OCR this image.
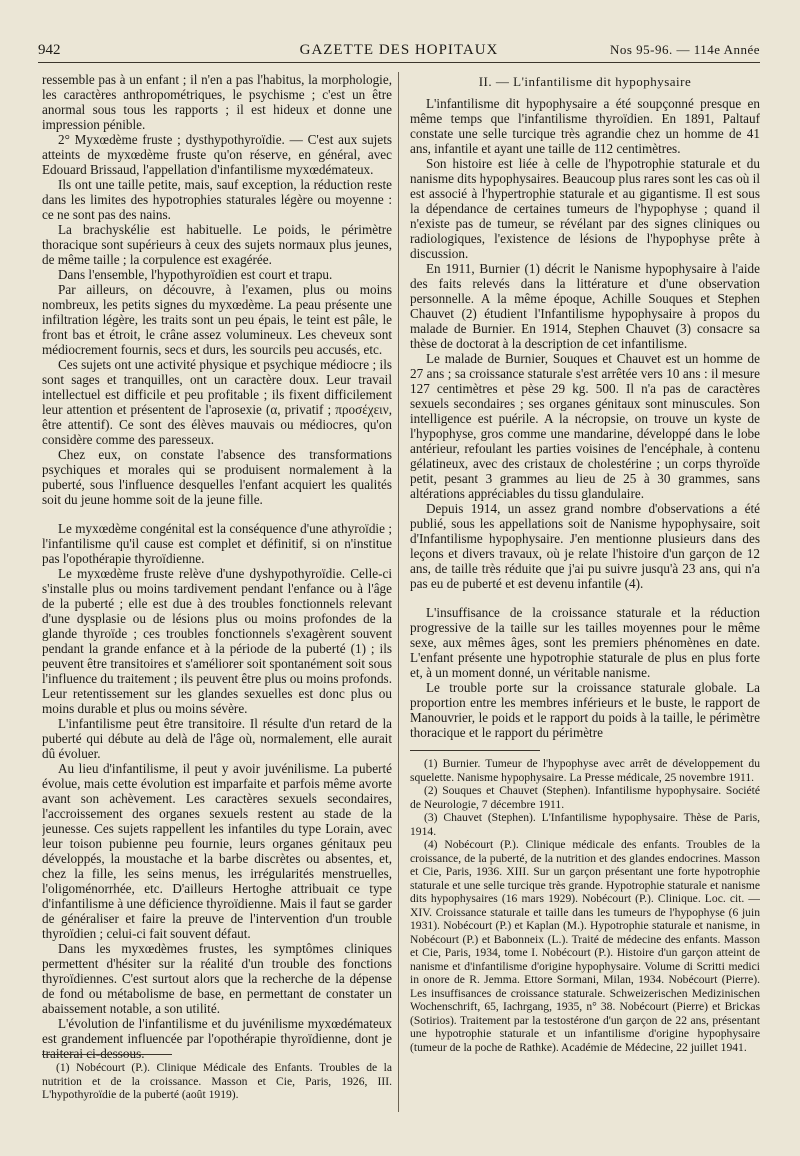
942	GAZETTE DES HOPITAUX	Nos 95-96. — 114e Année

ressemble pas à un enfant ; il n'en a pas l'habitus, la morphologie, les caractères anthropométriques, le psychisme ; c'est un être anormal sous tous les rapports ; il est hideux et donne une impression pénible.

2° Myxœdème fruste ; dysthypothyroïdie. — C'est aux sujets atteints de myxœdème fruste qu'on réserve, en général, avec Edouard Brissaud, l'appellation d'infantilisme myxœdémateux.

Ils ont une taille petite, mais, sauf exception, la réduction reste dans les limites des hypotrophies staturales légère ou moyenne : ce ne sont pas des nains.

La brachyskélie est habituelle. Le poids, le périmètre thoracique sont supérieurs à ceux des sujets normaux plus jeunes, de même taille ; la corpulence est exagérée.

Dans l'ensemble, l'hypothyroïdien est court et trapu.

Par ailleurs, on découvre, à l'examen, plus ou moins nombreux, les petits signes du myxœdème. La peau présente une infiltration légère, les traits sont un peu épais, le teint est pâle, le front bas et étroit, le crâne assez volumineux. Les cheveux sont médiocrement fournis, secs et durs, les sourcils peu accusés, etc.

Ces sujets ont une activité physique et psychique médiocre ; ils sont sages et tranquilles, ont un caractère doux. Leur travail intellectuel est difficile et peu profitable ; ils fixent difficilement leur attention et présentent de l'aprosexie (α, privatif ; προσέχειν, être attentif). Ce sont des élèves mauvais ou médiocres, qu'on considère comme des paresseux.

Chez eux, on constate l'absence des transformations psychiques et morales qui se produisent normalement à la puberté, sous l'influence desquelles l'enfant acquiert les qualités soit du jeune homme soit de la jeune fille.

Le myxœdème congénital est la conséquence d'une athyroïdie ; l'infantilisme qu'il cause est complet et définitif, si on n'institue pas l'opothérapie thyroïdienne.

Le myxœdème fruste relève d'une dyshypothyroïdie. Celle-ci s'installe plus ou moins tardivement pendant l'enfance ou à l'âge de la puberté ; elle est due à des troubles fonctionnels relevant d'une dysplasie ou de lésions plus ou moins profondes de la glande thyroïde ; ces troubles fonctionnels s'exagèrent souvent pendant la grande enfance et à la période de la puberté (1) ; ils peuvent être transitoires et s'améliorer soit spontanément soit sous l'influence du traitement ; ils peuvent être plus ou moins profonds. Leur retentissement sur les glandes sexuelles est donc plus ou moins durable et plus ou moins sévère.

L'infantilisme peut être transitoire. Il résulte d'un retard de la puberté qui débute au delà de l'âge où, normalement, elle aurait dû évoluer.

Au lieu d'infantilisme, il peut y avoir juvénilisme. La puberté évolue, mais cette évolution est imparfaite et parfois même avorte avant son achèvement. Les caractères sexuels secondaires, l'accroissement des organes sexuels restent au stade de la jeunesse. Ces sujets rappellent les infantiles du type Lorain, avec leur toison pubienne peu fournie, leurs organes génitaux peu développés, la moustache et la barbe discrètes ou absentes, et, chez la fille, les seins menus, les irrégularités menstruelles, l'oligoménorrhée, etc. D'ailleurs Hertoghe attribuait ce type d'infantilisme à une déficience thyroïdienne. Mais il faut se garder de généraliser et faire la preuve de l'intervention d'un trouble thyroïdien ; celui-ci fait souvent défaut.

Dans les myxœdèmes frustes, les symptômes cliniques permettent d'hésiter sur la réalité d'un trouble des fonctions thyroïdiennes. C'est surtout alors que la recherche de la dépense de fond ou métabolisme de base, en permettant de constater un abaissement notable, a son utilité.

L'évolution de l'infantilisme et du juvénilisme myxœdémateux est grandement influencée par l'opothérapie thyroïdienne, dont je traiterai ci-dessous.

(1) Nobécourt (P.). Clinique Médicale des Enfants. Troubles de la nutrition et de la croissance. Masson et Cie, Paris, 1926, III. L'hypothyroïdie de la puberté (août 1919).

II. — L'infantilisme dit hypophysaire

L'infantilisme dit hypophysaire a été soupçonné presque en même temps que l'infantilisme thyroïdien. En 1891, Paltauf constate une selle turcique très agrandie chez un homme de 41 ans, infantile et ayant une taille de 112 centimètres.

Son histoire est liée à celle de l'hypotrophie staturale et du nanisme dits hypophysaires. Beaucoup plus rares sont les cas où il est associé à l'hypertrophie staturale et au gigantisme. Il est sous la dépendance de certaines tumeurs de l'hypophyse ; quand il n'existe pas de tumeur, se révélant par des signes cliniques ou radiologiques, l'existence de lésions de l'hypophyse prête à discussion.

En 1911, Burnier (1) décrit le Nanisme hypophysaire à l'aide des faits relevés dans la littérature et d'une observation personnelle. A la même époque, Achille Souques et Stephen Chauvet (2) étudient l'Infantilisme hypophysaire à propos du malade de Burnier. En 1914, Stephen Chauvet (3) consacre sa thèse de doctorat à la description de cet infantilisme.

Le malade de Burnier, Souques et Chauvet est un homme de 27 ans ; sa croissance staturale s'est arrêtée vers 10 ans : il mesure 127 centimètres et pèse 29 kg. 500. Il n'a pas de caractères sexuels secondaires ; ses organes génitaux sont minuscules. Son intelligence est puérile. A la nécropsie, on trouve un kyste de l'hypophyse, gros comme une mandarine, développé dans le lobe antérieur, refoulant les parties voisines de l'encéphale, à contenu gélatineux, avec des cristaux de cholestérine ; un corps thyroïde petit, pesant 3 grammes au lieu de 25 à 30 grammes, sans altérations appréciables du tissu glandulaire.

Depuis 1914, un assez grand nombre d'observations a été publié, sous les appellations soit de Nanisme hypophysaire, soit d'Infantilisme hypophysaire. J'en mentionne plusieurs dans des leçons et divers travaux, où je relate l'histoire d'un garçon de 12 ans, de taille très réduite que j'ai pu suivre jusqu'à 23 ans, qui n'a pas eu de puberté et est devenu infantile (4).

L'insuffisance de la croissance staturale et la réduction progressive de la taille sur les tailles moyennes pour le même sexe, aux mêmes âges, sont les premiers phénomènes en date. L'enfant présente une hypotrophie staturale de plus en plus forte et, à un moment donné, un véritable nanisme.

Le trouble porte sur la croissance staturale globale. La proportion entre les membres inférieurs et le buste, le rapport de Manouvrier, le poids et le rapport du poids à la taille, le périmètre thoracique et le rapport du périmètre

(1) Burnier. Tumeur de l'hypophyse avec arrêt de développement du squelette. Nanisme hypophysaire. La Presse médicale, 25 novembre 1911.

(2) Souques et Chauvet (Stephen). Infantilisme hypophysaire. Société de Neurologie, 7 décembre 1911.

(3) Chauvet (Stephen). L'Infantilisme hypophysaire. Thèse de Paris, 1914.

(4) Nobécourt (P.). Clinique médicale des enfants. Troubles de la croissance, de la puberté, de la nutrition et des glandes endocrines. Masson et Cie, Paris, 1936. XIII. Sur un garçon présentant une forte hypotrophie staturale et une selle turcique très grande. Hypotrophie staturale et nanisme dits hypophysaires (16 mars 1929). Nobécourt (P.). Clinique. Loc. cit. — XIV. Croissance staturale et taille dans les tumeurs de l'hypophyse (6 juin 1931). Nobécourt (P.) et Kaplan (M.). Hypotrophie staturale et nanisme, in Nobécourt (P.) et Babonneix (L.). Traité de médecine des enfants. Masson et Cie, Paris, 1934, tome I. Nobécourt (P.). Histoire d'un garçon atteint de nanisme et d'infantilisme d'origine hypophysaire. Volume di Scritti medici in onore de R. Jemma. Ettore Sormani, Milan, 1934. Nobécourt (Pierre). Les insuffisances de croissance staturale. Schweizerischen Medizinischen Wochenschrift, 65, Iachrgang, 1935, n° 38. Nobécourt (Pierre) et Brickas (Sotirios). Traitement par la testostérone d'un garçon de 22 ans, présentant une hypotrophie staturale et un infantilisme d'origine hypophysaire (tumeur de la poche de Rathke). Académie de Médecine, 22 juillet 1941.
